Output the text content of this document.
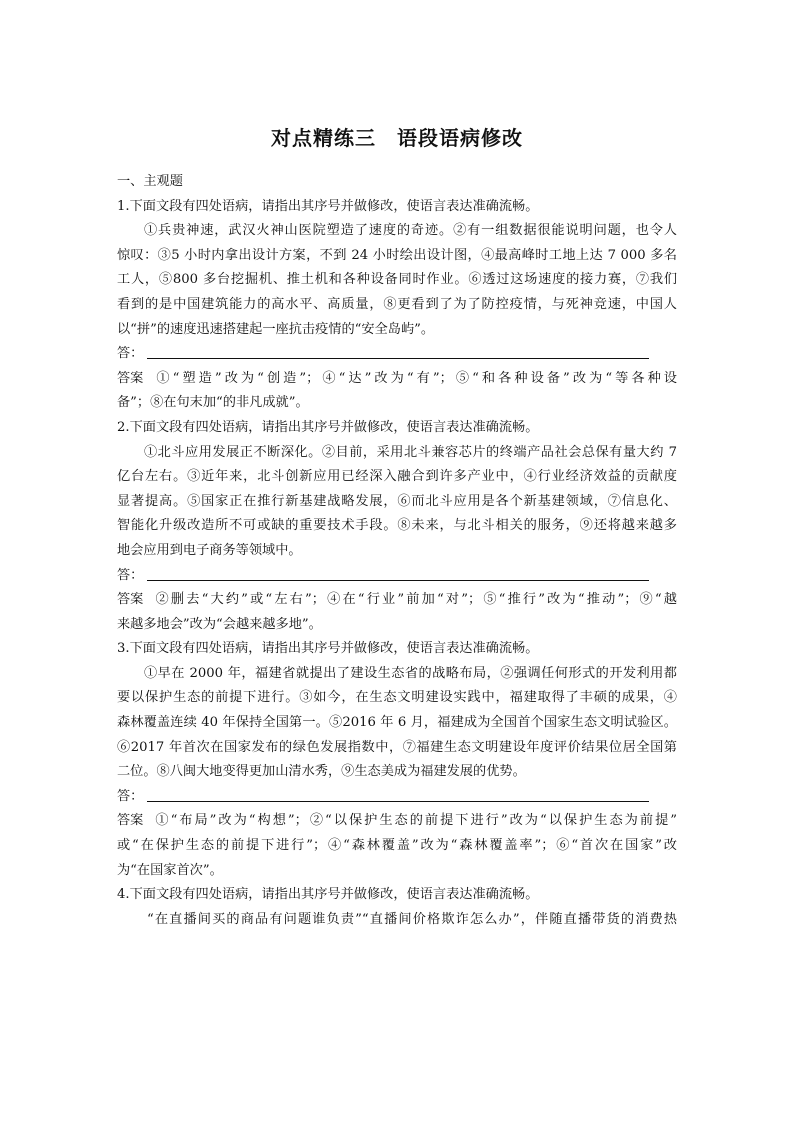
对点精练三　语段语病修改
一、主观题
1.下面文段有四处语病，请指出其序号并做修改，使语言表达准确流畅。
①兵贵神速，武汉火神山医院塑造了速度的奇迹。②有一组数据很能说明问题，也令人
惊叹：③5 小时内拿出设计方案，不到 24 小时绘出设计图，④最高峰时工地上达 7 000 多名
工人，⑤800 多台挖掘机、推土机和各种设备同时作业。⑥透过这场速度的接力赛，⑦我们
看到的是中国建筑能力的高水平、高质量，⑧更看到了为了防控疫情，与死神竞速，中国人
以“拼”的速度迅速搭建起一座抗击疫情的“安全岛屿”。
答：
答案 ①“塑造”改为“创造”；④“达”改为“有”；⑤“和各种设备”改为“等各种设
备”；⑧在句末加“的非凡成就”。
2.下面文段有四处语病，请指出其序号并做修改，使语言表达准确流畅。
①北斗应用发展正不断深化。②目前，采用北斗兼容芯片的终端产品社会总保有量大约 7
亿台左右。③近年来，北斗创新应用已经深入融合到许多产业中，④行业经济效益的贡献度
显著提高。⑤国家正在推行新基建战略发展，⑥而北斗应用是各个新基建领域，⑦信息化、
智能化升级改造所不可或缺的重要技术手段。⑧未来，与北斗相关的服务，⑨还将越来越多
地会应用到电子商务等领域中。
答：
答案 ②删去“大约”或“左右”；④在“行业”前加“对”；⑤“推行”改为“推动”；⑨“越
来越多地会”改为“会越来越多地”。
3.下面文段有四处语病，请指出其序号并做修改，使语言表达准确流畅。
①早在 2000 年，福建省就提出了建设生态省的战略布局，②强调任何形式的开发利用都
要以保护生态的前提下进行。③如今，在生态文明建设实践中，福建取得了丰硕的成果，④
森林覆盖连续 40 年保持全国第一。⑤2016 年 6 月，福建成为全国首个国家生态文明试验区。
⑥2017 年首次在国家发布的绿色发展指数中，⑦福建生态文明建设年度评价结果位居全国第
二位。⑧八闽大地变得更加山清水秀，⑨生态美成为福建发展的优势。
答：
答案 ①“布局”改为“构想”；②“以保护生态的前提下进行”改为“以保护生态为前提”
或“在保护生态的前提下进行”；④“森林覆盖”改为“森林覆盖率”；⑥“首次在国家”改
为“在国家首次”。
4.下面文段有四处语病，请指出其序号并做修改，使语言表达准确流畅。
“在直播间买的商品有问题谁负责”“直播间价格欺诈怎么办”，伴随直播带货的消费热
